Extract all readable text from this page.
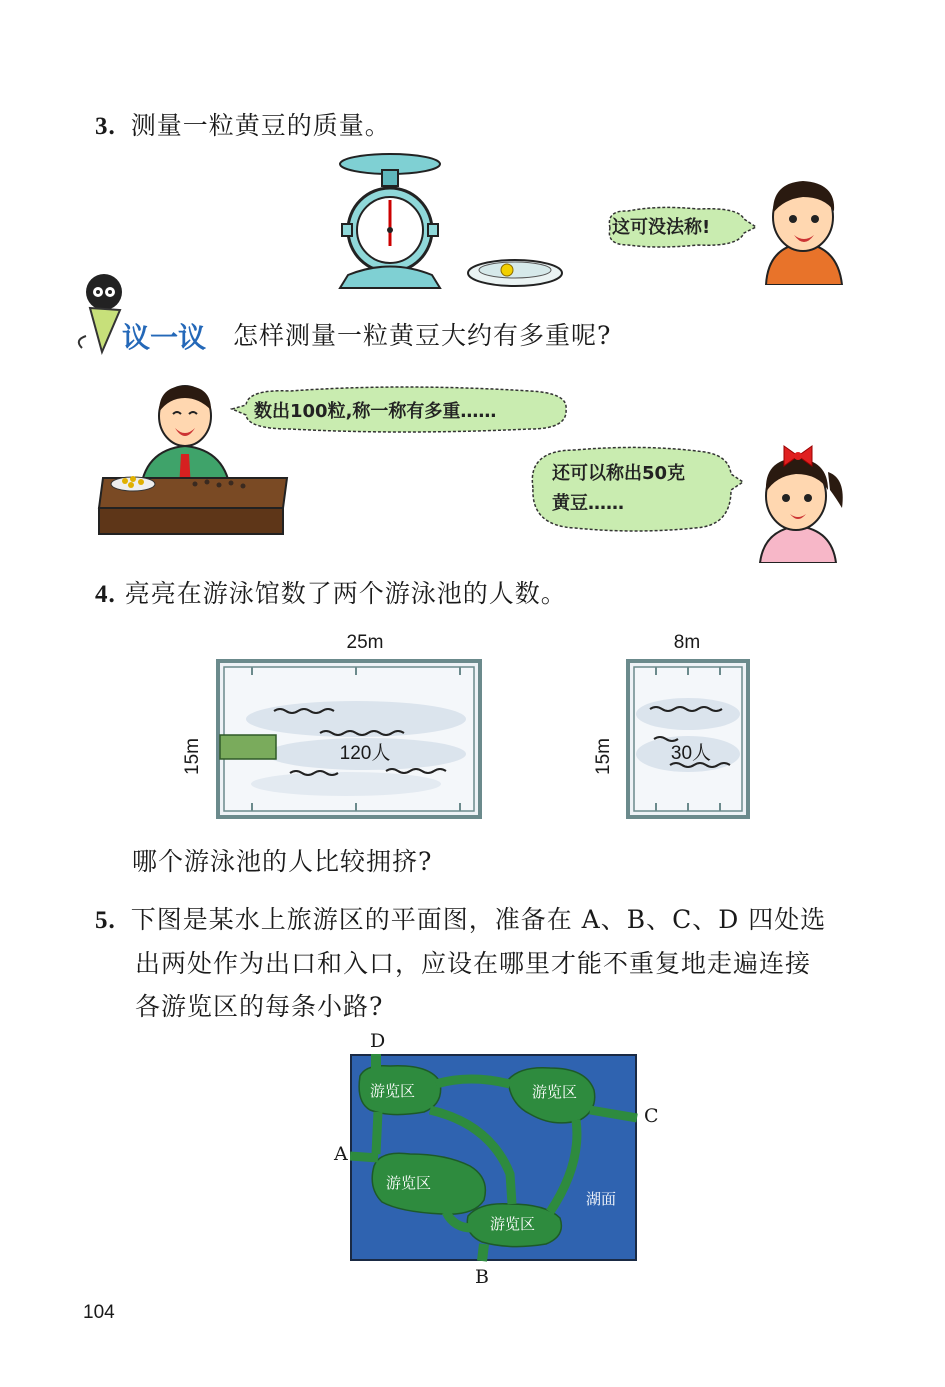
3. 测量一粒黄豆的质量。
这可没法称!
议一议 怎样测量一粒黄豆大约有多重呢?
数出100粒,称一称有多重……
还可以称出50克
黄豆……
4. 亮亮在游泳馆数了两个游泳池的人数。
25m
15m	120人
8m
15m	30人
哪个游泳池的人比较拥挤?
5. 下图是某水上旅游区的平面图，准备在 A、B、C、D 四处选
出两处作为出口和入口，应设在哪里才能不重复地走遍连接
各游览区的每条小路?
D
A
C
B
游览区	游览区
游览区
游览区
湖面
104
